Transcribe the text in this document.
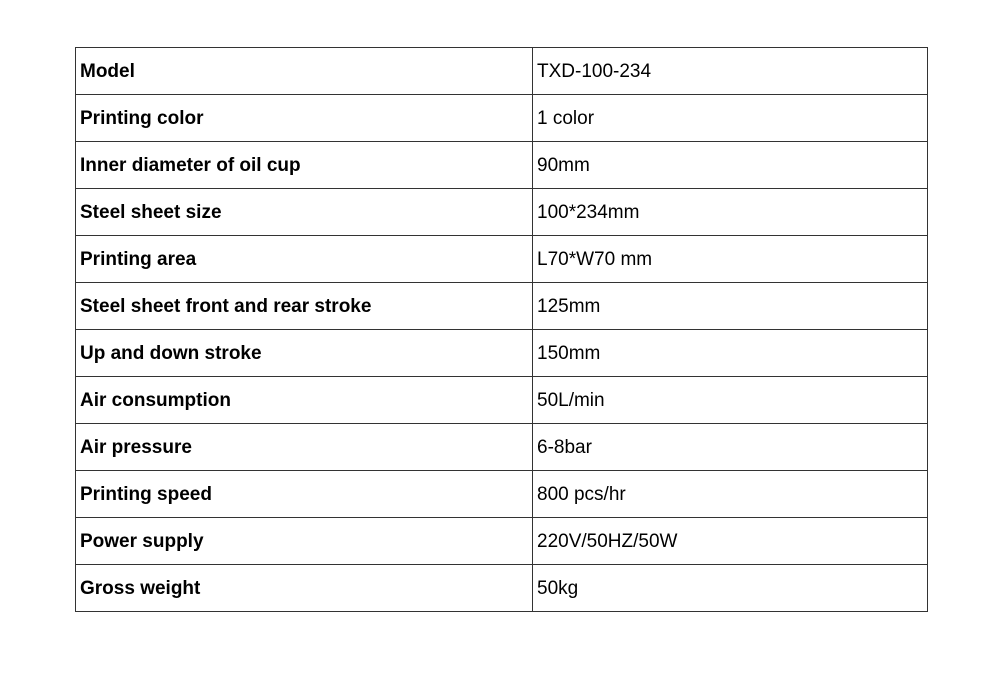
Model	TXD-100-234
Printing color	1 color
Inner diameter of oil cup	90mm
Steel sheet size	100*234mm
Printing area	L70*W70 mm
Steel sheet front and rear stroke	125mm
Up and down stroke	150mm
Air consumption	50L/min
Air pressure	6-8bar
Printing speed	800 pcs/hr
Power supply	220V/50HZ/50W
Gross weight	50kg
